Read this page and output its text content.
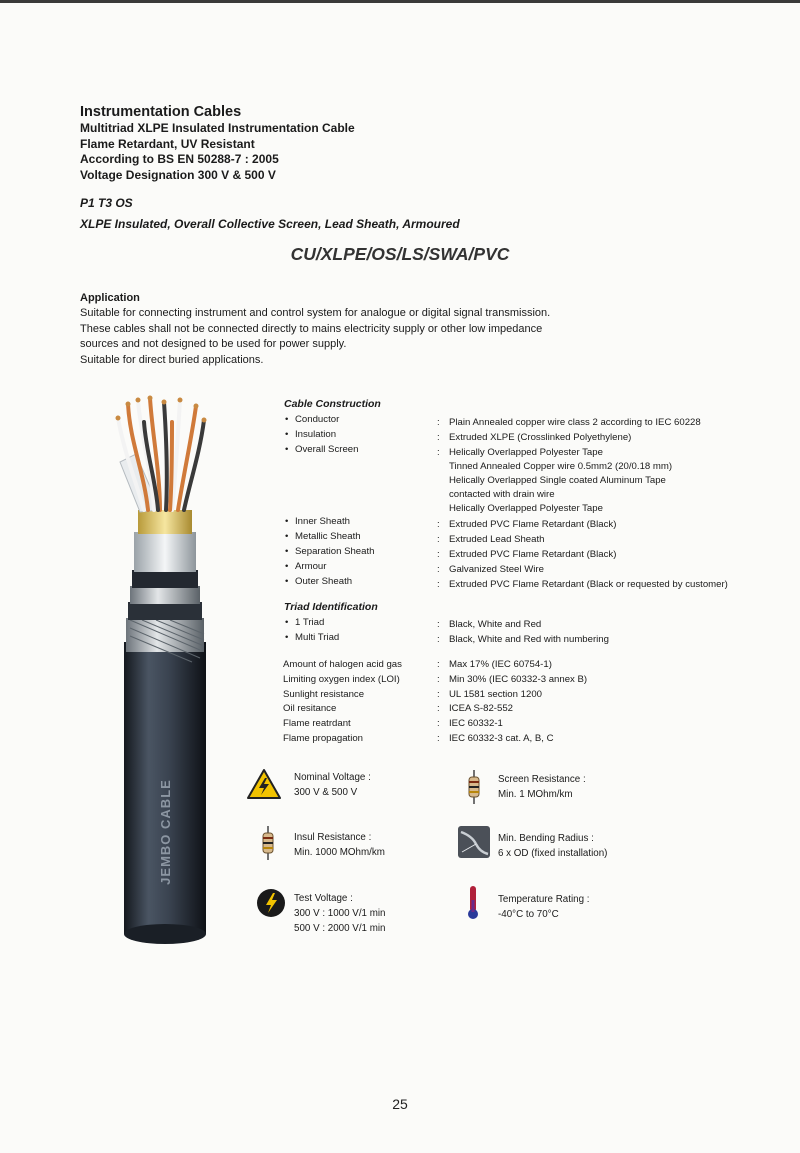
Instrumentation Cables
Multitriad XLPE Insulated Instrumentation Cable
Flame Retardant, UV Resistant
According to BS EN 50288-7 : 2005
Voltage Designation 300 V & 500 V
P1 T3 OS
XLPE Insulated, Overall Collective Screen, Lead Sheath, Armoured
CU/XLPE/OS/LS/SWA/PVC
Application
Suitable for connecting instrument and control system for analogue or digital signal transmission.
These cables shall not be connected directly to mains electricity supply or other low impedance
sources and not designed to be used for power supply.
Suitable for direct buried applications.
JEMBO CABLE
Cable Construction
• Conductor
• Insulation
• Overall Screen
• Inner Sheath
• Metallic Sheath
• Separation Sheath
• Armour
• Outer Sheath
:
:
:
:
:
:
:
:
Plain Annealed copper wire class 2 according to IEC 60228
Extruded XLPE (Crosslinked Polyethylene)
Helically Overlapped Polyester Tape
Tinned Annealed Copper wire 0.5mm2 (20/0.18 mm)
Helically Overlapped Single coated Aluminum Tape
contacted with drain wire
Helically Overlapped Polyester Tape
Extruded PVC Flame Retardant (Black)
Extruded Lead Sheath
Extruded PVC Flame Retardant (Black)
Galvanized Steel Wire
Extruded PVC Flame Retardant (Black or requested by customer)
Triad Identification
• 1 Triad
• Multi Triad
:
:
Black, White and Red
Black, White and Red with numbering
Amount of halogen acid gas
Limiting oxygen index (LOI)
Sunlight resistance
Oil resitance
Flame reatrdant
Flame propagation
:
:
:
:
:
:
Max 17% (IEC 60754-1)
Min 30% (IEC 60332-3 annex B)
UL 1581 section 1200
ICEA S-82-552
IEC 60332-1
IEC 60332-3 cat. A, B, C
Nominal Voltage :
300 V & 500 V
Screen Resistance :
Min. 1 MOhm/km
Insul Resistance :
Min. 1000 MOhm/km
Min. Bending Radius :
6 x OD (fixed installation)
Test Voltage :
300 V : 1000 V/1 min
500 V : 2000 V/1 min
Temperature Rating :
-40°C to 70°C
25
